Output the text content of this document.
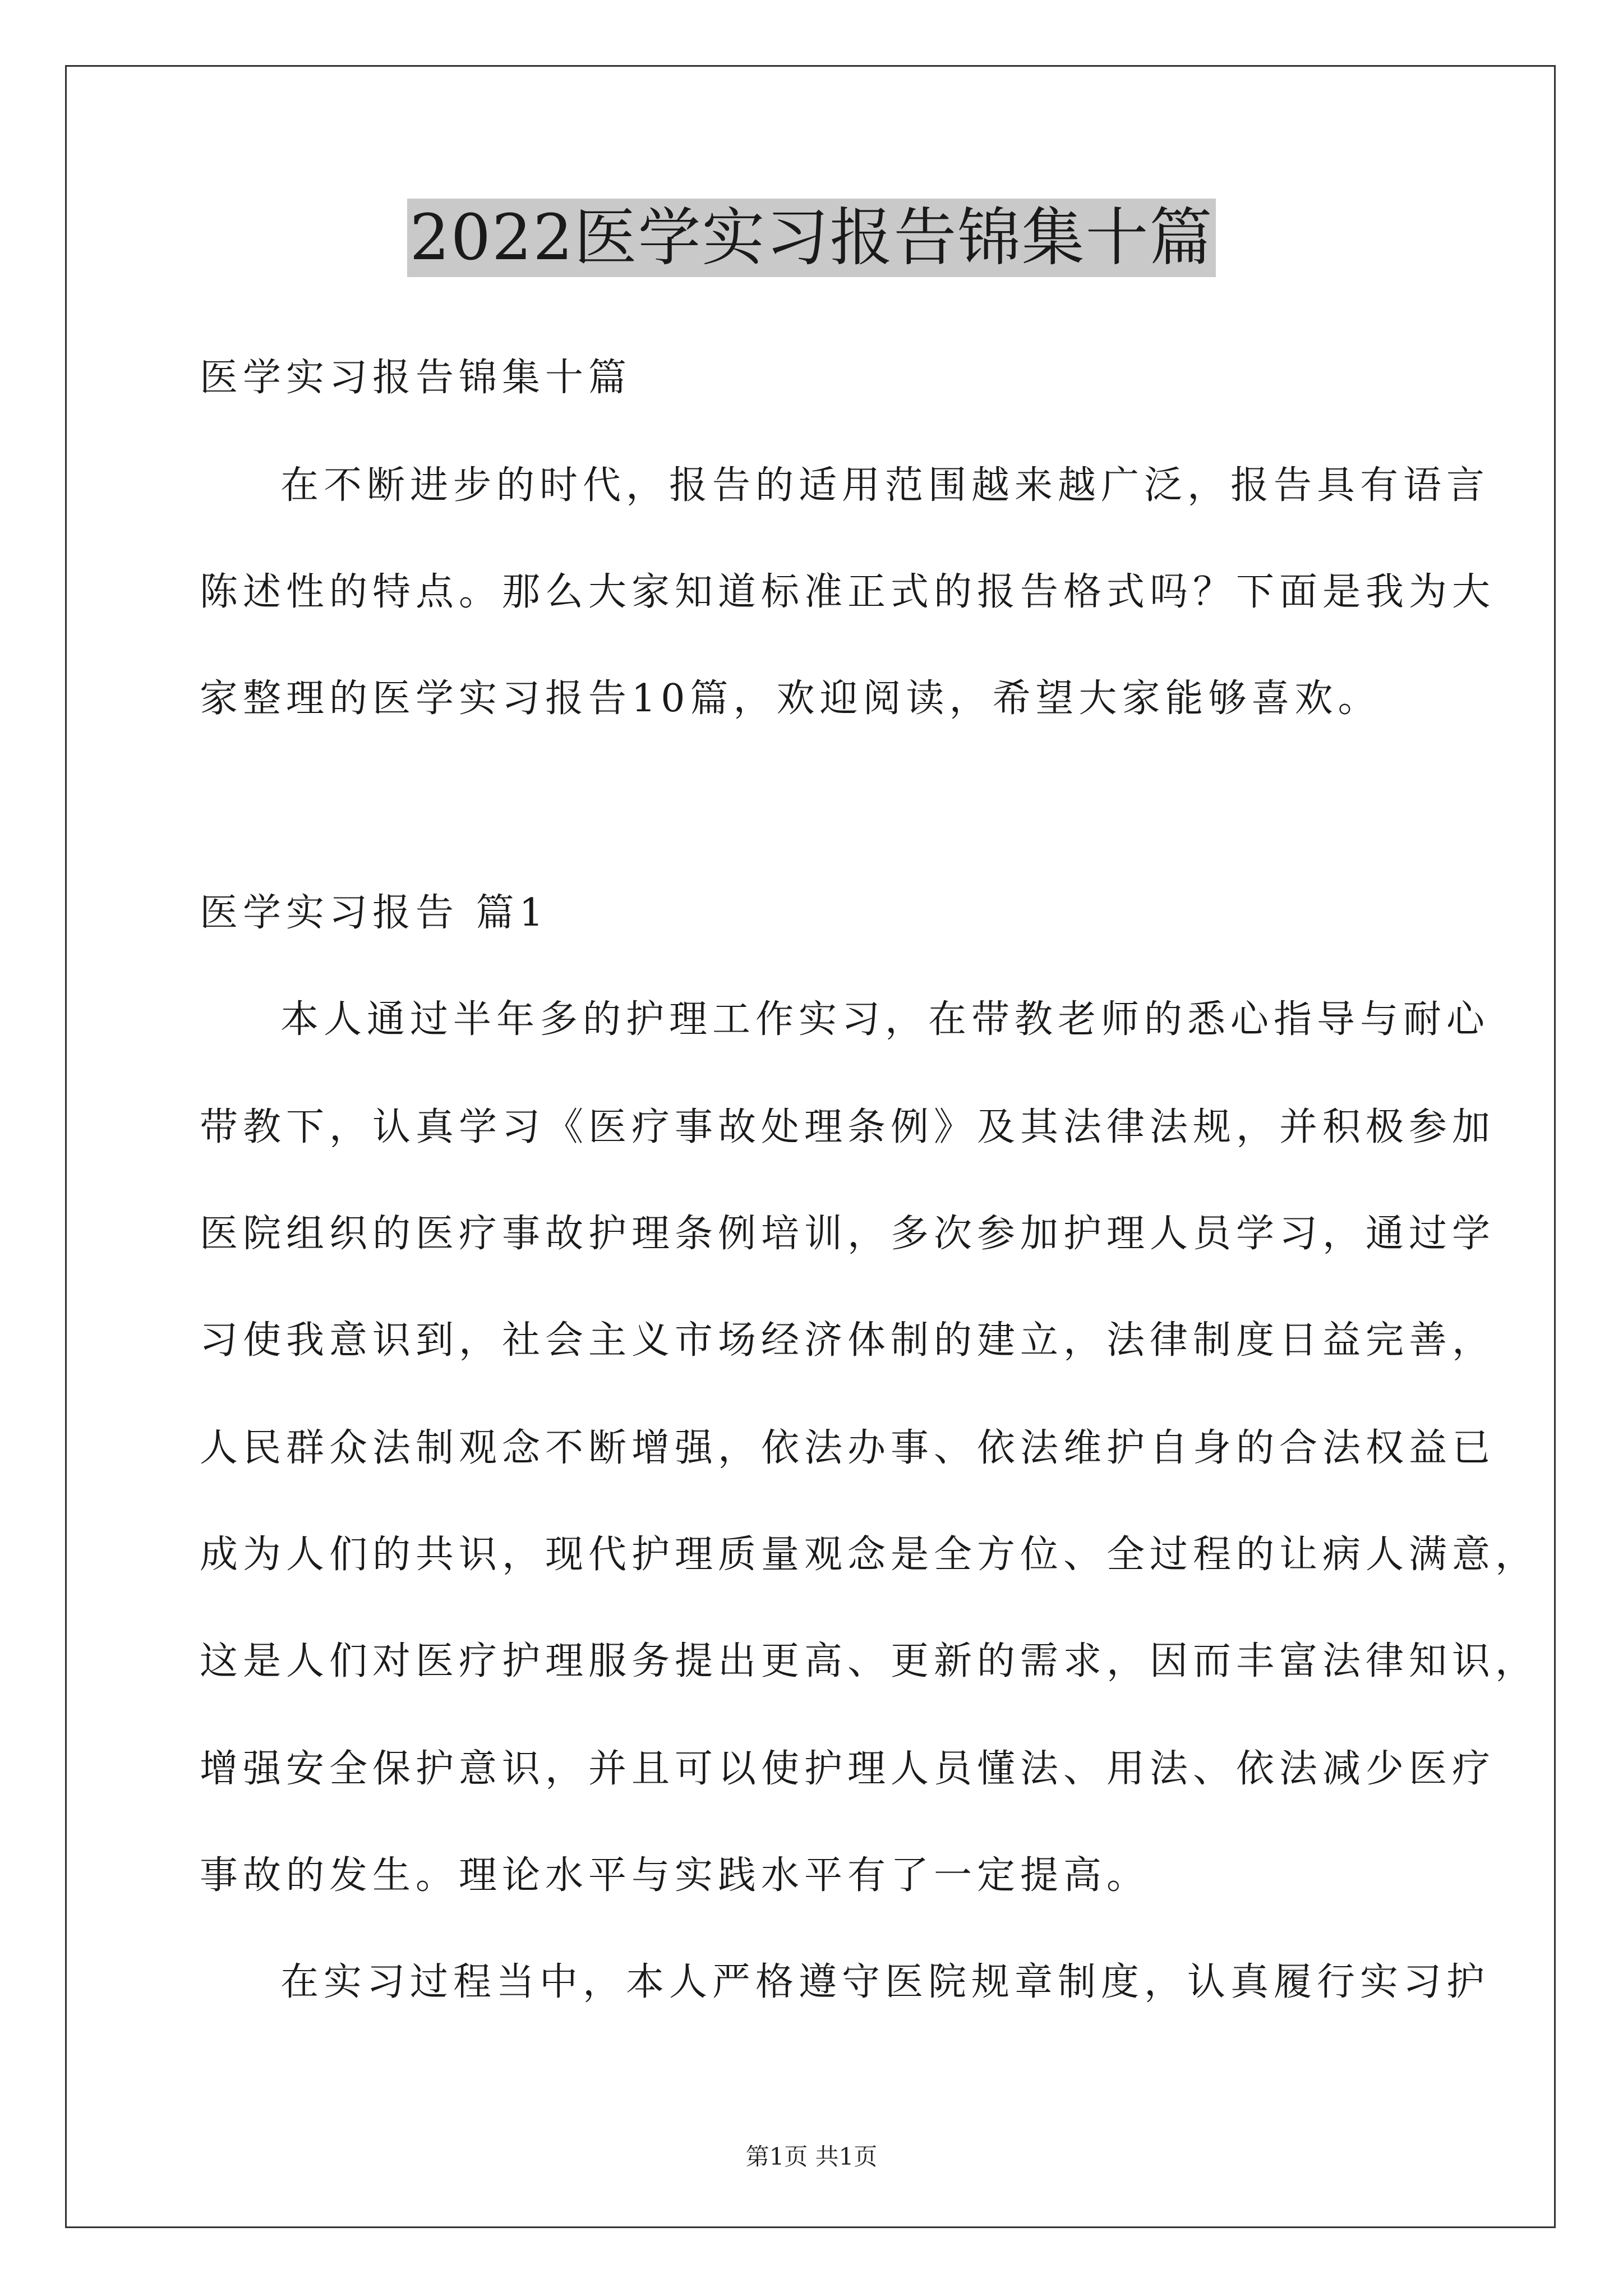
2022医学实习报告锦集十篇
医学实习报告锦集十篇
在不断进步的时代，报告的适用范围越来越广泛，报告具有语言
陈述性的特点。那么大家知道标准正式的报告格式吗？下面是我为大
家整理的医学实习报告10篇，欢迎阅读，希望大家能够喜欢。
医学实习报告 篇1
本人通过半年多的护理工作实习，在带教老师的悉心指导与耐心
带教下，认真学习《医疗事故处理条例》及其法律法规，并积极参加
医院组织的医疗事故护理条例培训，多次参加护理人员学习，通过学
习使我意识到，社会主义市场经济体制的建立，法律制度日益完善，
人民群众法制观念不断增强，依法办事、依法维护自身的合法权益已
成为人们的共识，现代护理质量观念是全方位、全过程的让病人满意，
这是人们对医疗护理服务提出更高、更新的需求，因而丰富法律知识，
增强安全保护意识，并且可以使护理人员懂法、用法、依法减少医疗
事故的发生。理论水平与实践水平有了一定提高。
在实习过程当中，本人严格遵守医院规章制度，认真履行实习护
第1页 共1页
